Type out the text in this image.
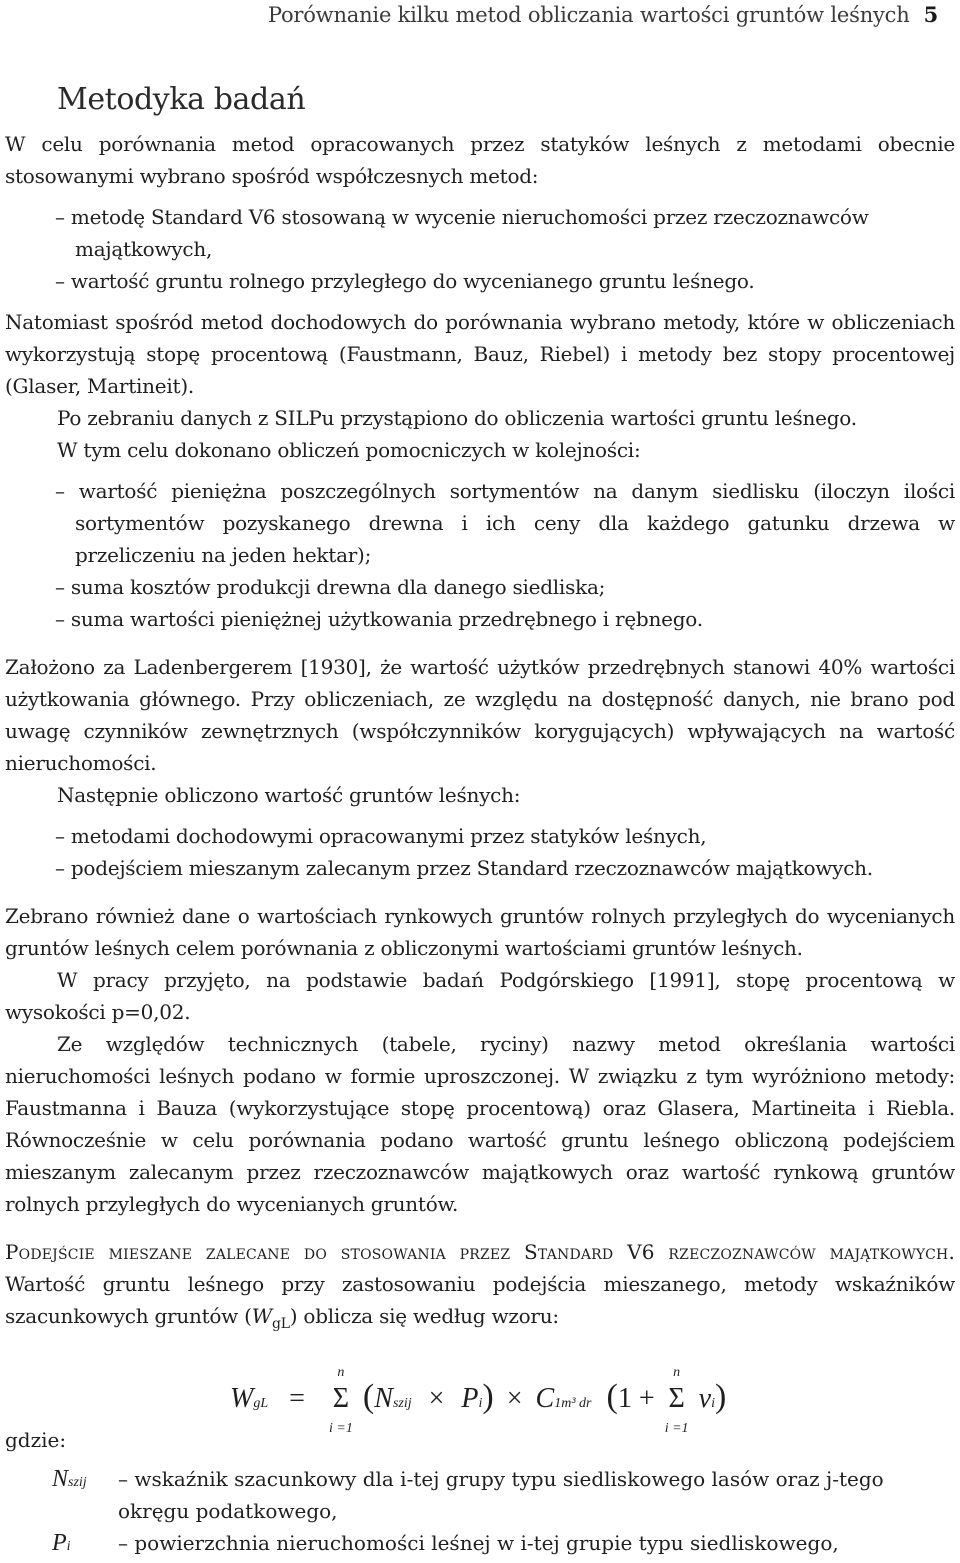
Porównanie kilku metod obliczania wartości gruntów leśnych 5
Metodyka badań

W celu porównania metod opracowanych przez statyków leśnych z metodami obecnie stosowanymi wybrano spośród współczesnych metod:

– metodę Standard V6 stosowaną w wycenie nieruchomości przez rzeczoznawców majątkowych,

– wartość gruntu rolnego przyległego do wycenianego gruntu leśnego.

Natomiast spośród metod dochodowych do porównania wybrano metody, które w obliczeniach wykorzystują stopę procentową (Faustmann, Bauz, Riebel) i metody bez stopy procentowej (Glaser, Martineit).

Po zebraniu danych z SILPu przystąpiono do obliczenia wartości gruntu leśnego.

W tym celu dokonano obliczeń pomocniczych w kolejności:

– wartość pieniężna poszczególnych sortymentów na danym siedlisku (iloczyn ilości sortymentów pozyskanego drewna i ich ceny dla każdego gatunku drzewa w przeliczeniu na jeden hektar);

– suma kosztów produkcji drewna dla danego siedliska;

– suma wartości pieniężnej użytkowania przedrębnego i rębnego.

Założono za Ladenbergerem [1930], że wartość użytków przedrębnych stanowi 40% wartości użytkowania głównego. Przy obliczeniach, ze względu na dostępność danych, nie brano pod uwagę czynników zewnętrznych (współczynników korygujących) wpływających na wartość nieruchomości.

Następnie obliczono wartość gruntów leśnych:

– metodami dochodowymi opracowanymi przez statyków leśnych,

– podejściem mieszanym zalecanym przez Standard rzeczoznawców majątkowych.

Zebrano również dane o wartościach rynkowych gruntów rolnych przyległych do wycenianych gruntów leśnych celem porównania z obliczonymi wartościami gruntów leśnych.

W pracy przyjęto, na podstawie badań Podgórskiego [1991], stopę procentową w wysokości p=0,02.

Ze względów technicznych (tabele, ryciny) nazwy metod określania wartości nieruchomości leśnych podano w formie uproszczonej. W związku z tym wyróżniono metody: Faustmanna i Bauza (wykorzystujące stopę procentową) oraz Glasera, Martineita i Riebla. Równocześnie w celu porównania podano wartość gruntu leśnego obliczoną podejściem mieszanym zalecanym przez rzeczoznawców majątkowych oraz wartość rynkową gruntów rolnych przyległych do wycenianych gruntów.

Podejście mieszane zalecane do stosowania przez Standard V6 rzeczoznawców majątkowych. Wartość gruntu leśnego przy zastosowaniu podejścia mieszanego, metody wskaźników szacunkowych gruntów $(W_{gL})$ oblicza się według wzoru:

WgL = Σ
n
i =1
(Nszij × Pi) × C1m³ dr (1 + Σ
n
i =1
vi)
gdzie:
Nszij	– wskaźnik szacunkowy dla i-tej grupy typu siedliskowego lasów oraz j-tego okręgu podatkowego,
Pi	– powierzchnia nieruchomości leśnej w i-tej grupie typu siedliskowego,
